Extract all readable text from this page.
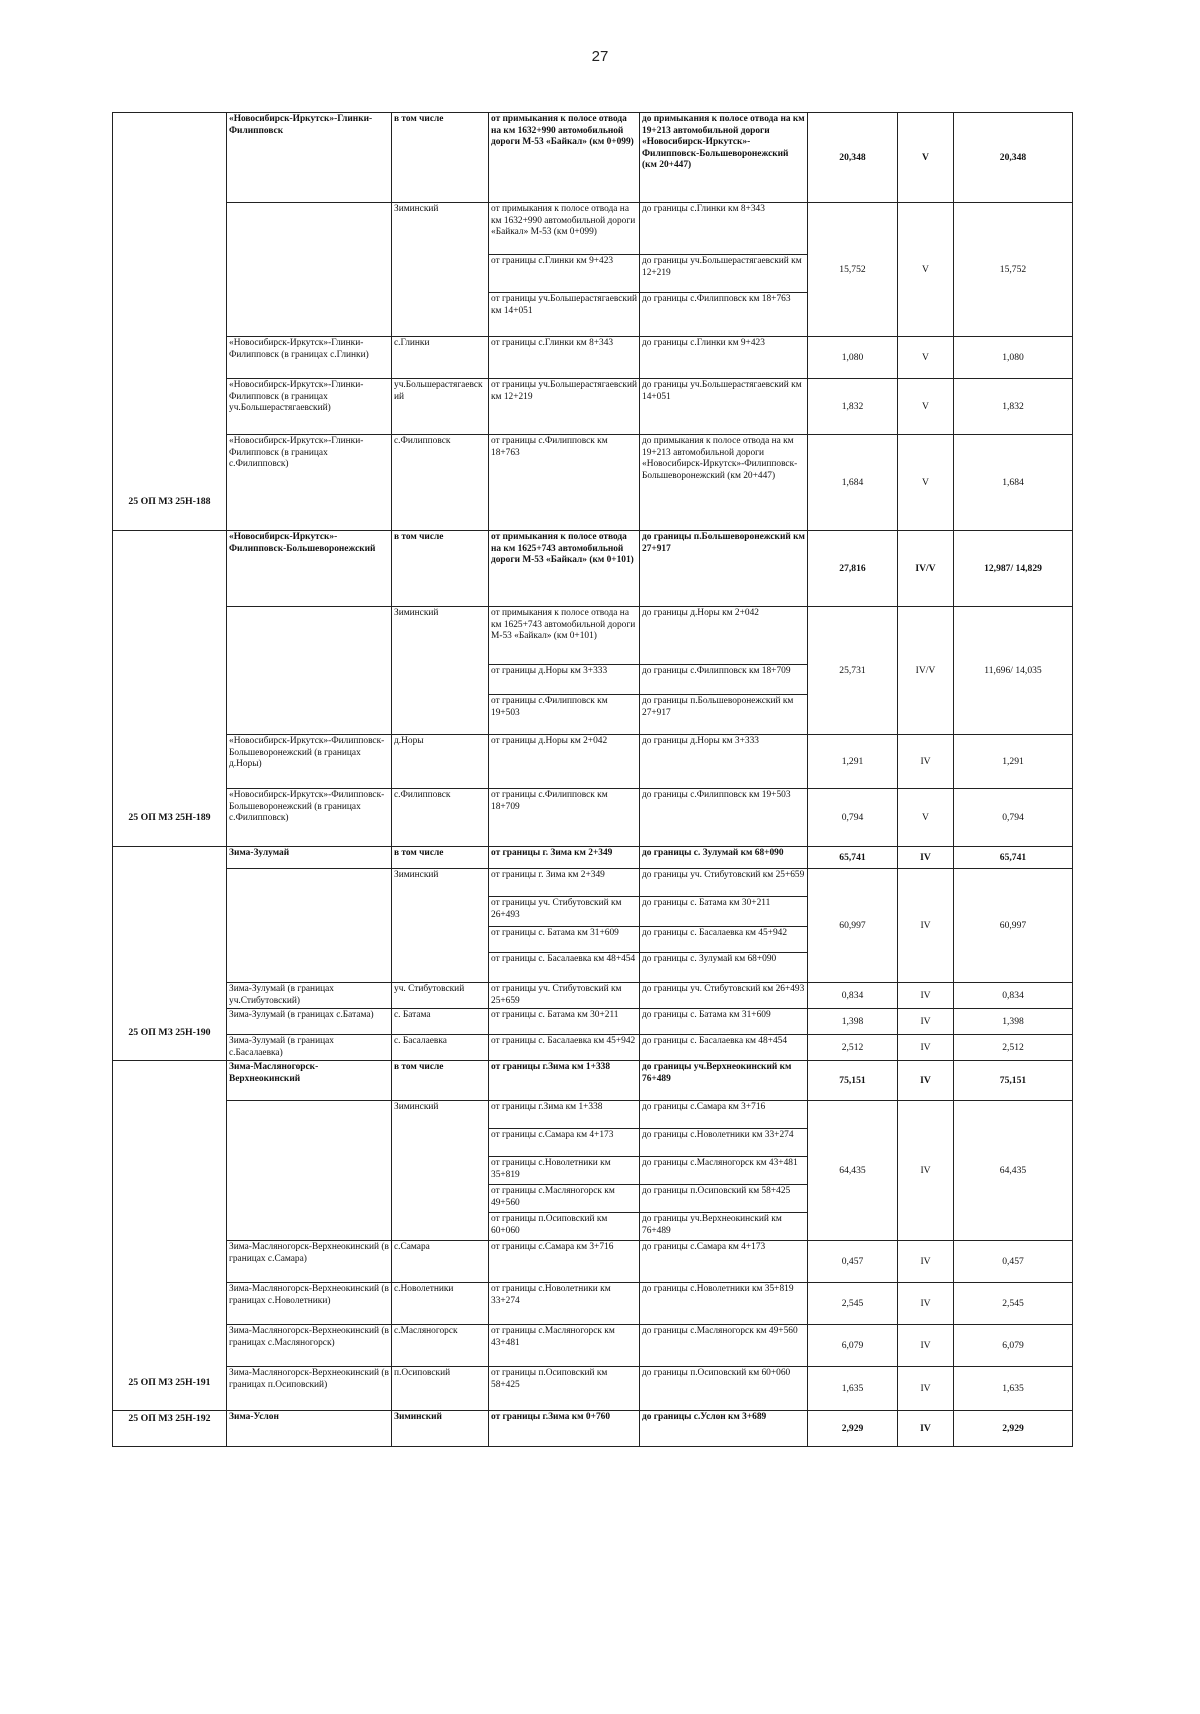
27
25 ОП МЗ 25Н-188	«Новосибирск-Иркутск»-Глинки-Филипповск	в том числе	от примыкания к полосе отвода на км 1632+990 автомобильной дороги М-53 «Байкал» (км 0+099)	до примыкания к полосе отвода на км 19+213 автомобильной дороги «Новосибирск-Иркутск»-Филипповск-Большеворонежский (км 20+447)	20,348	V	20,348
		Зиминский	от примыкания к полосе отвода на км 1632+990 автомобильной дороги «Байкал» М-53 (км 0+099)	до границы с.Глинки км 8+343	15,752	V	15,752
			от границы с.Глинки км 9+423	до границы уч.Большерастягаевский км 12+219			
			от границы уч.Большерастягаевский км 14+051	до границы с.Филипповск км 18+763			
	«Новосибирск-Иркутск»-Глинки-Филипповск (в границах с.Глинки)	с.Глинки	от границы с.Глинки км 8+343	до границы с.Глинки км 9+423	1,080	V	1,080
	«Новосибирск-Иркутск»-Глинки-Филипповск (в границах уч.Большерастягаевский)	уч.Большерастягаевский	от границы уч.Большерастягаевский км 12+219	до границы уч.Большерастягаевский км 14+051	1,832	V	1,832
	«Новосибирск-Иркутск»-Глинки-Филипповск (в границах с.Филипповск)	с.Филипповск	от границы с.Филипповск км 18+763	до примыкания к полосе отвода на км 19+213 автомобильной дороги «Новосибирск-Иркутск»-Филипповск-Большеворонежский (км 20+447)	1,684	V	1,684
25 ОП МЗ 25Н-189	«Новосибирск-Иркутск»-Филипповск-Большеворонежский	в том числе	от примыкания к полосе отвода на км 1625+743 автомобильной дороги М-53 «Байкал» (км 0+101)	до границы п.Большеворонежский км 27+917	27,816	IV/V	12,987/ 14,829
		Зиминский	от примыкания к полосе отвода на км 1625+743 автомобильной дороги М-53 «Байкал» (км 0+101)	до границы д.Норы км 2+042	25,731	IV/V	11,696/ 14,035
			от границы д.Норы км 3+333	до границы с.Филипповск км 18+709			
			от границы с.Филипповск км 19+503	до границы п.Большеворонежский км 27+917			
	«Новосибирск-Иркутск»-Филипповск-Большеворонежский (в границах д.Норы)	д.Норы	от границы д.Норы км 2+042	до границы д.Норы км 3+333	1,291	IV	1,291
	«Новосибирск-Иркутск»-Филипповск-Большеворонежский (в границах с.Филипповск)	с.Филипповск	от границы с.Филипповск км 18+709	до границы с.Филипповск км 19+503	0,794	V	0,794
25 ОП МЗ 25Н-190	Зима-Зулумай	в том числе	от границы г. Зима км 2+349	до границы с. Зулумай км 68+090	65,741	IV	65,741
		Зиминский	от границы г. Зима км 2+349	до границы уч. Стибутовский км 25+659	60,997	IV	60,997
			от границы уч. Стибутовский км 26+493	до границы с. Батама км 30+211			
			от границы с. Батама км 31+609	до границы с. Басалаевка км 45+942			
			от границы с. Басалаевка км 48+454	до границы с. Зулумай км 68+090			
	Зима-Зулумай (в границах уч.Стибутовский)	уч. Стибутовский	от границы уч. Стибутовский км 25+659	до границы уч. Стибутовский км 26+493	0,834	IV	0,834
	Зима-Зулумай (в границах с.Батама)	с. Батама	от границы с. Батама км 30+211	до границы с. Батама км 31+609	1,398	IV	1,398
	Зима-Зулумай (в границах с.Басалаевка)	с. Басалаевка	от границы с. Басалаевка км 45+942	до границы с. Басалаевка км 48+454	2,512	IV	2,512
25 ОП МЗ 25Н-191	Зима-Масляногорск-Верхнеокинский	в том числе	от границы г.Зима км 1+338	до границы уч.Верхнеокинский км 76+489	75,151	IV	75,151
		Зиминский	от границы г.Зима км 1+338	до границы с.Самара км 3+716	64,435	IV	64,435
			от границы с.Самара км 4+173	до границы с.Новолетники км 33+274			
			от границы с.Новолетники км 35+819	до границы с.Масляногорск км 43+481			
			от границы с.Масляногорск км 49+560	до границы п.Осиповский км 58+425			
			от границы п.Осиповский км 60+060	до границы уч.Верхнеокинский км 76+489			
	Зима-Масляногорск-Верхнеокинский (в границах с.Самара)	с.Самара	от границы с.Самара км 3+716	до границы с.Самара км 4+173	0,457	IV	0,457
	Зима-Масляногорск-Верхнеокинский (в границах с.Новолетники)	с.Новолетники	от границы с.Новолетники км 33+274	до границы с.Новолетники км 35+819	2,545	IV	2,545
	Зима-Масляногорск-Верхнеокинский (в границах с.Масляногорск)	с.Масляногорск	от границы с.Масляногорск км 43+481	до границы с.Масляногорск км 49+560	6,079	IV	6,079
	Зима-Масляногорск-Верхнеокинский (в границах п.Осиповский)	п.Осиповский	от границы п.Осиповский км 58+425	до границы п.Осиповский км 60+060	1,635	IV	1,635
25 ОП МЗ 25Н-192	Зима-Услон	Зиминский	от границы г.Зима км 0+760	до границы с.Услон км 3+689	2,929	IV	2,929
